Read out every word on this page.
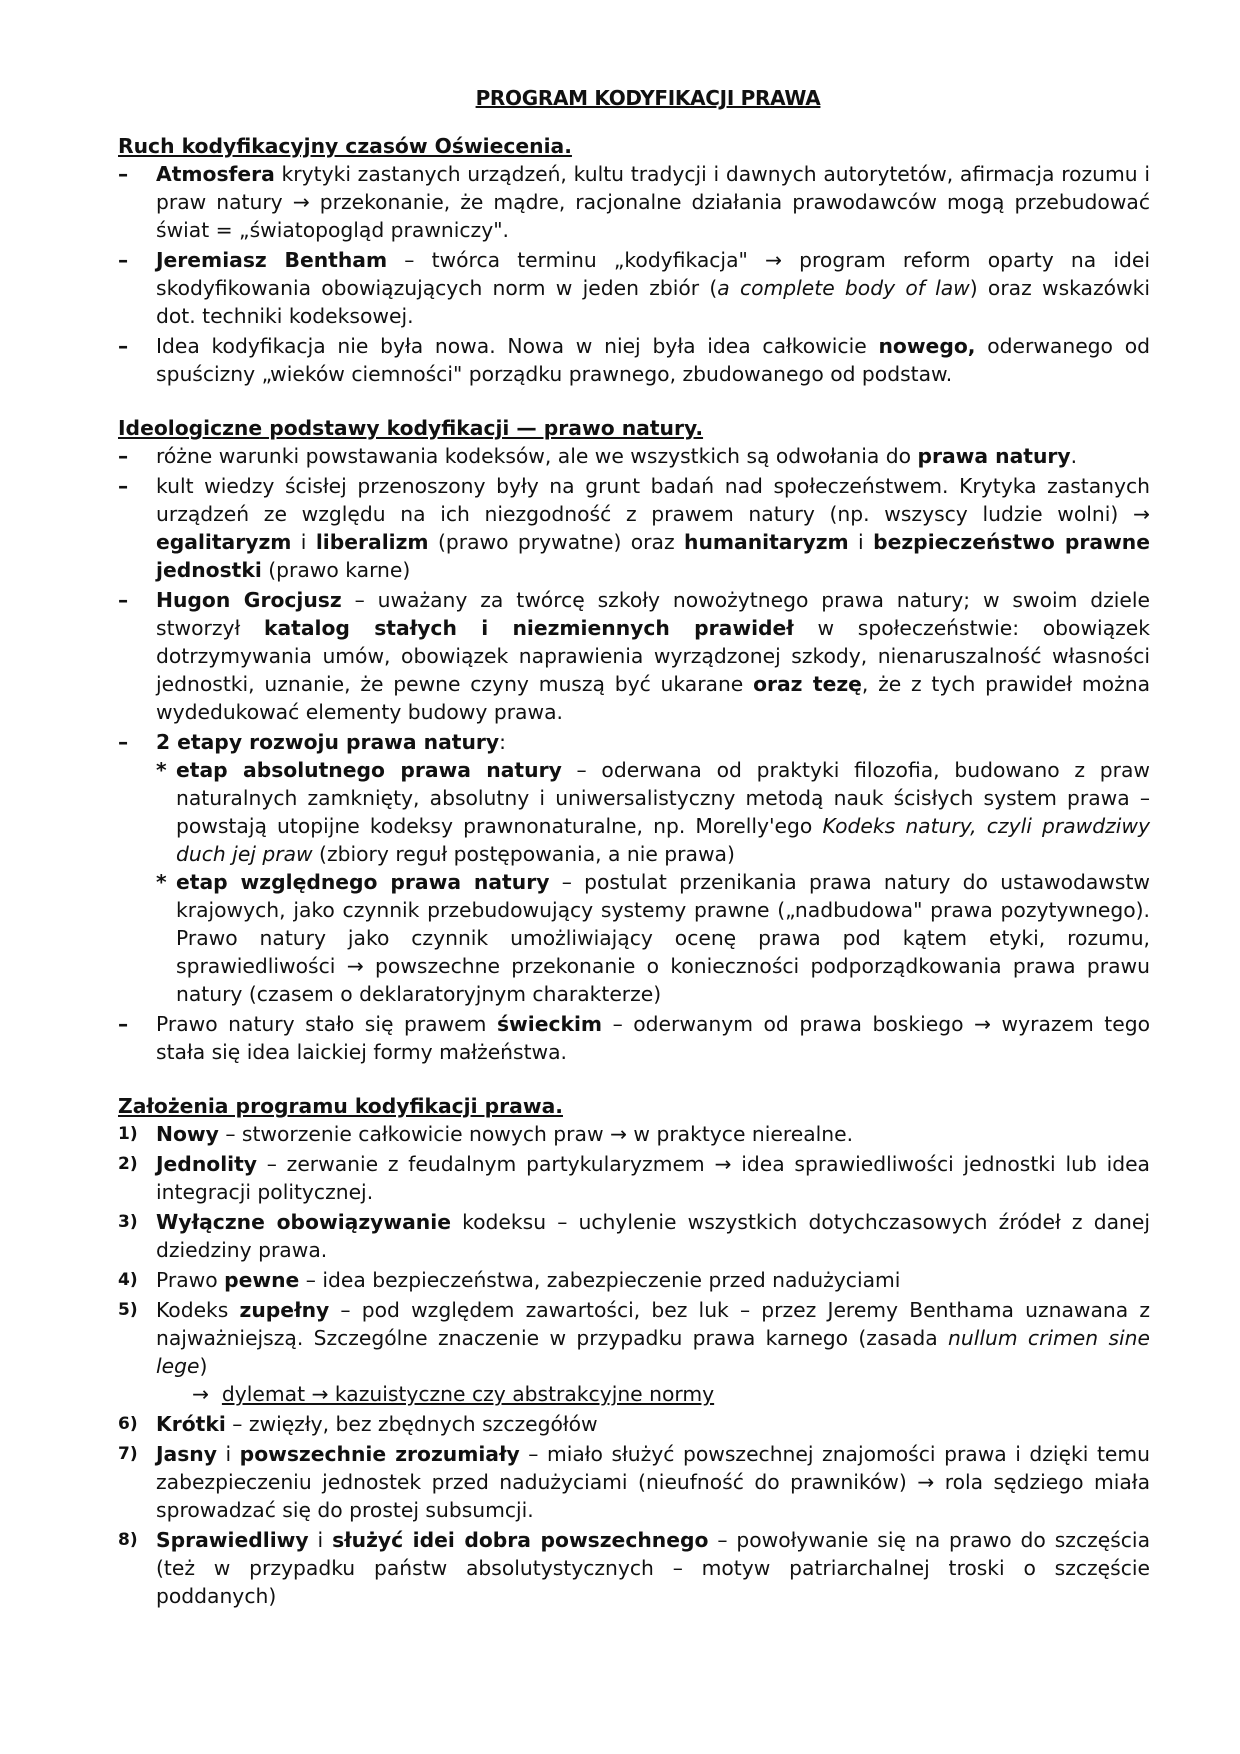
PROGRAM KODYFIKACJI PRAWA
Ruch kodyfikacyjny czasów Oświecenia.
–	Atmosfera krytyki zastanych urządzeń, kultu tradycji i dawnych autorytetów, afirmacja rozumu i praw natury → przekonanie, że mądre, racjonalne działania prawodawców mogą przebudować świat = „światopogląd prawniczy".
–	Jeremiasz Bentham – twórca terminu „kodyfikacja" → program reform oparty na idei skodyfikowania obowiązujących norm w jeden zbiór (a complete body of law) oraz wskazówki dot. techniki kodeksowej.
–	Idea kodyfikacja nie była nowa. Nowa w niej była idea całkowicie nowego, oderwanego od spuścizny „wieków ciemności" porządku prawnego, zbudowanego od podstaw.
Ideologiczne podstawy kodyfikacji — prawo natury.
–	różne warunki powstawania kodeksów, ale we wszystkich są odwołania do prawa natury.
–	kult wiedzy ścisłej przenoszony były na grunt badań nad społeczeństwem. Krytyka zastanych urządzeń ze względu na ich niezgodność z prawem natury (np. wszyscy ludzie wolni) → egalitaryzm i liberalizm (prawo prywatne) oraz humanitaryzm i bezpieczeństwo prawne jednostki (prawo karne)
–	Hugon Grocjusz – uważany za twórcę szkoły nowożytnego prawa natury; w swoim dziele stworzył katalog stałych i niezmiennych prawideł w społeczeństwie: obowiązek dotrzymywania umów, obowiązek naprawienia wyrządzonej szkody, nienaruszalność własności jednostki, uznanie, że pewne czyny muszą być ukarane oraz tezę, że z tych prawideł można wydedukować elementy budowy prawa.
–	2 etapy rozwoju prawa natury:
* etap absolutnego prawa natury – oderwana od praktyki filozofia, budowano z praw naturalnych zamknięty, absolutny i uniwersalistyczny metodą nauk ścisłych system prawa – powstają utopijne kodeksy prawnonaturalne, np. Morelly'ego Kodeks natury, czyli prawdziwy duch jej praw (zbiory reguł postępowania, a nie prawa)
* etap względnego prawa natury – postulat przenikania prawa natury do ustawodawstw krajowych, jako czynnik przebudowujący systemy prawne („nadbudowa" prawa pozytywnego). Prawo natury jako czynnik umożliwiający ocenę prawa pod kątem etyki, rozumu, sprawiedliwości → powszechne przekonanie o konieczności podporządkowania prawa prawu natury (czasem o deklaratoryjnym charakterze)
–	Prawo natury stało się prawem świeckim – oderwanym od prawa boskiego → wyrazem tego stała się idea laickiej formy małżeństwa.
Założenia programu kodyfikacji prawa.
1) Nowy – stworzenie całkowicie nowych praw → w praktyce nierealne.
2) Jednolity – zerwanie z feudalnym partykularyzmem → idea sprawiedliwości jednostki lub idea integracji politycznej.
3) Wyłączne obowiązywanie kodeksu – uchylenie wszystkich dotychczasowych źródeł z danej dziedziny prawa.
4) Prawo pewne – idea bezpieczeństwa, zabezpieczenie przed nadużyciami
5) Kodeks zupełny – pod względem zawartości, bez luk – przez Jeremy Benthama uznawana z najważniejszą. Szczególne znaczenie w przypadku prawa karnego (zasada nullum crimen sine lege)
→ dylemat → kazuistyczne czy abstrakcyjne normy
6) Krótki – zwięzły, bez zbędnych szczegółów
7) Jasny i powszechnie zrozumiały – miało służyć powszechnej znajomości prawa i dzięki temu zabezpieczeniu jednostek przed nadużyciami (nieufność do prawników) → rola sędziego miała sprowadzać się do prostej subsumcji.
8) Sprawiedliwy i służyć idei dobra powszechnego – powoływanie się na prawo do szczęścia (też w przypadku państw absolutystycznych – motyw patriarchalnej troski o szczęście poddanych)
